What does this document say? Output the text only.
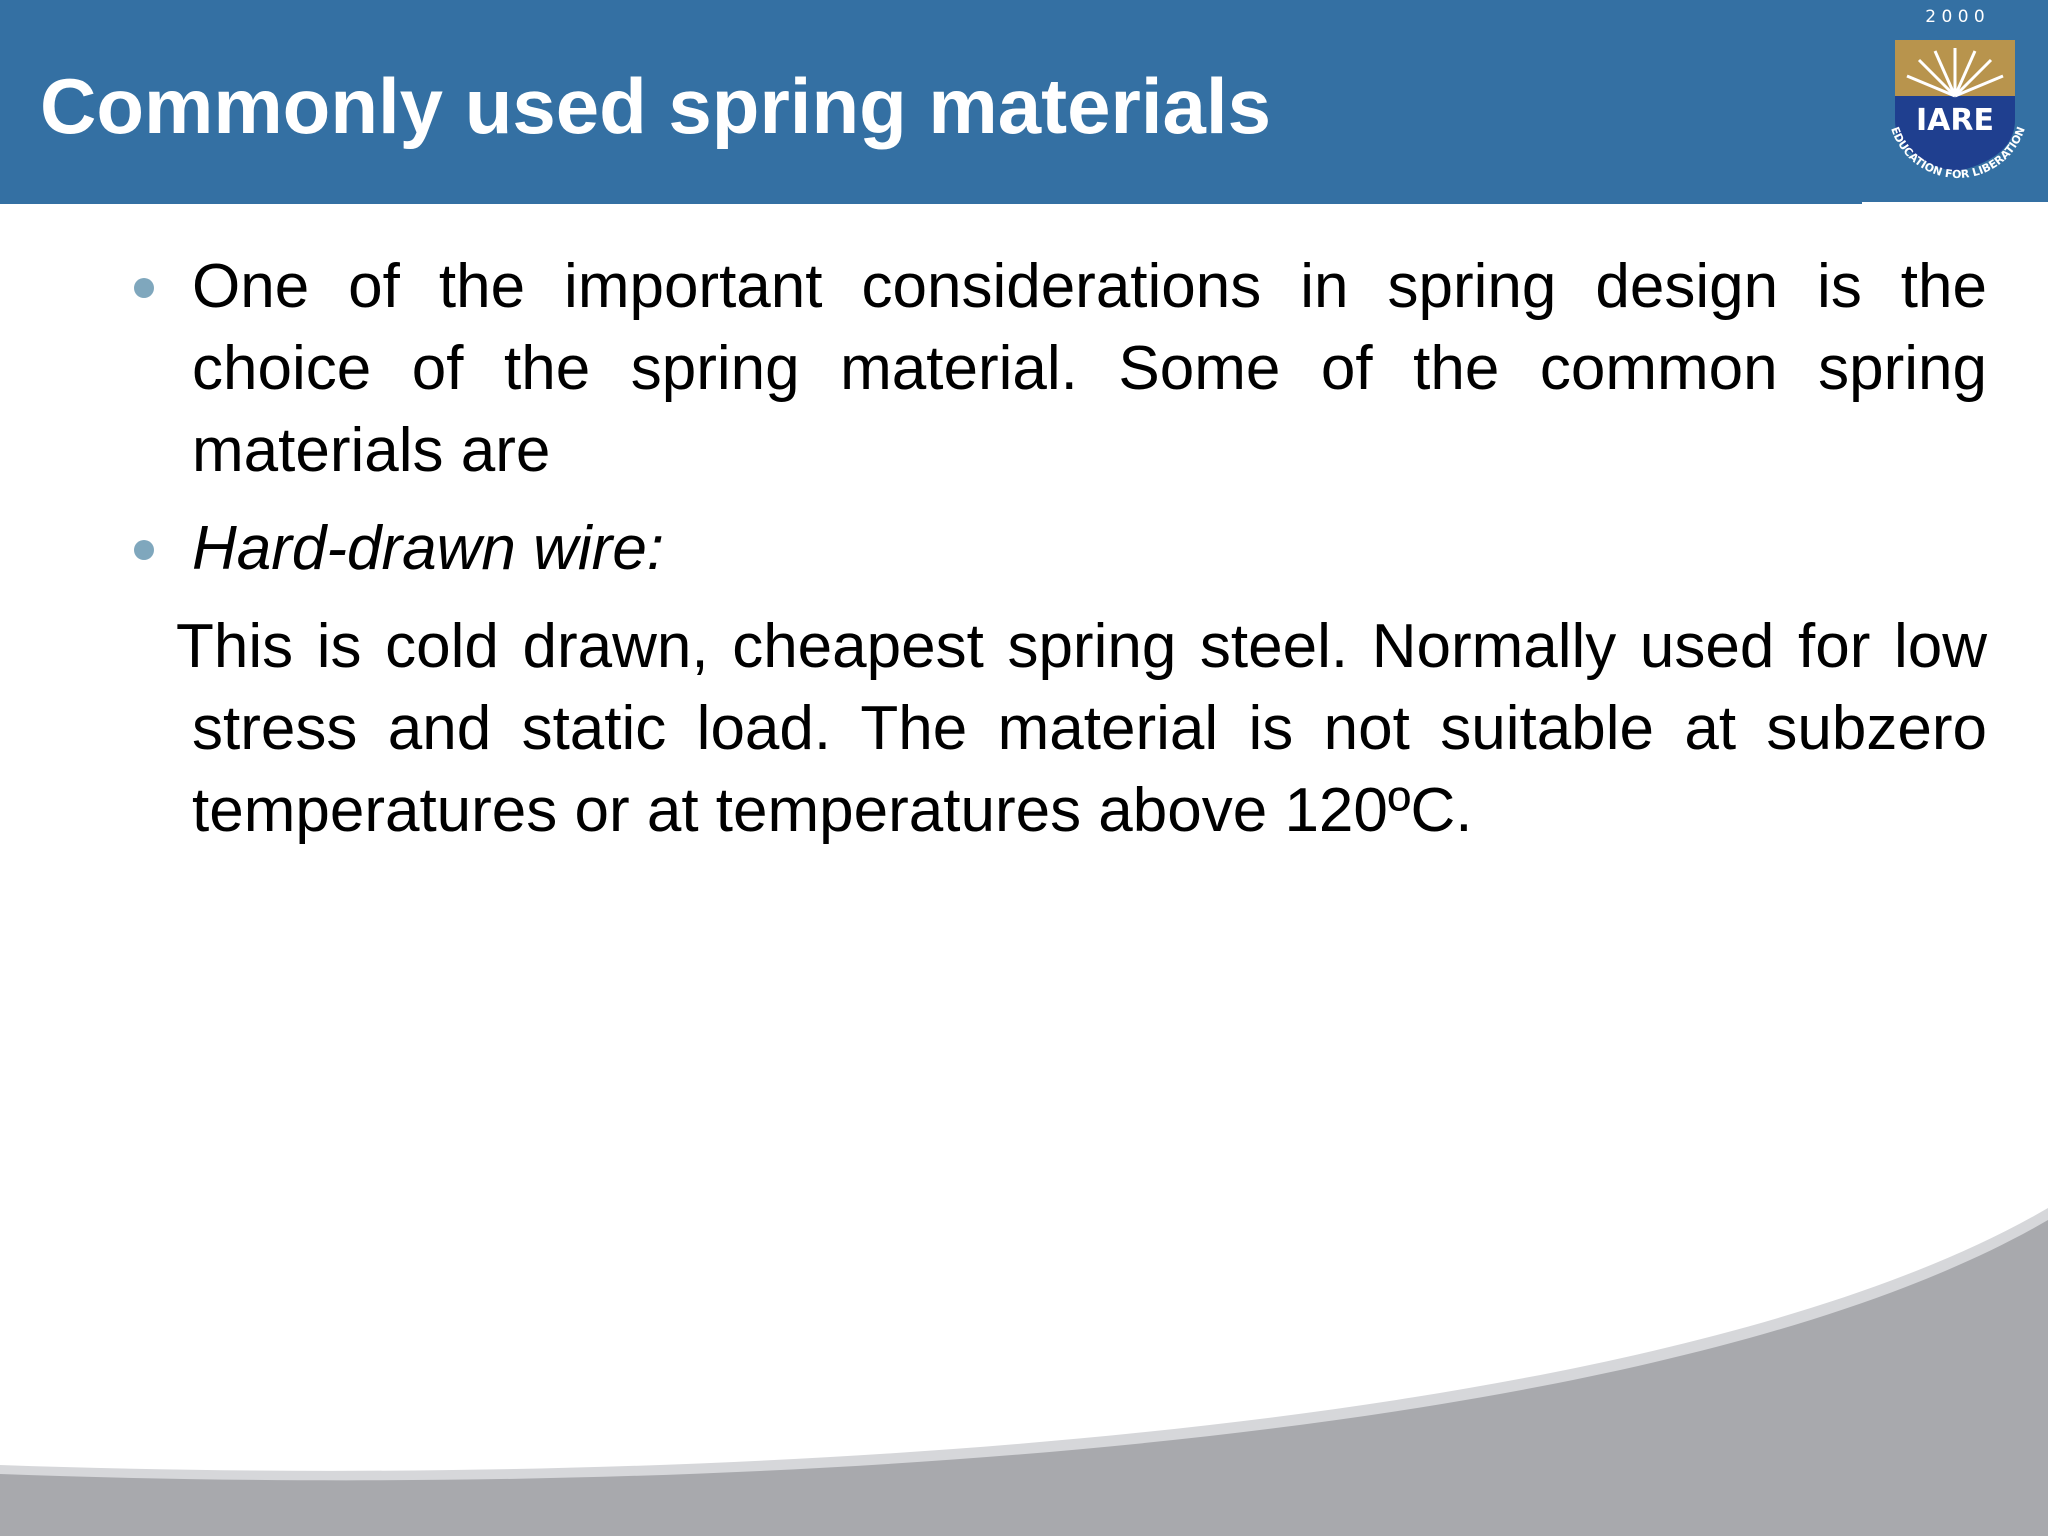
Commonly used spring materials
2 0 0 0
IARE
EDUCATION FOR LIBERATION

One of the important considerations in spring design is the choice of the spring material. Some of the common spring materials are

Hard-drawn wire:

This is cold drawn, cheapest spring steel. Normally used for low stress and static load. The material is not suitable at subzero temperatures or at temperatures above 120ºC.
